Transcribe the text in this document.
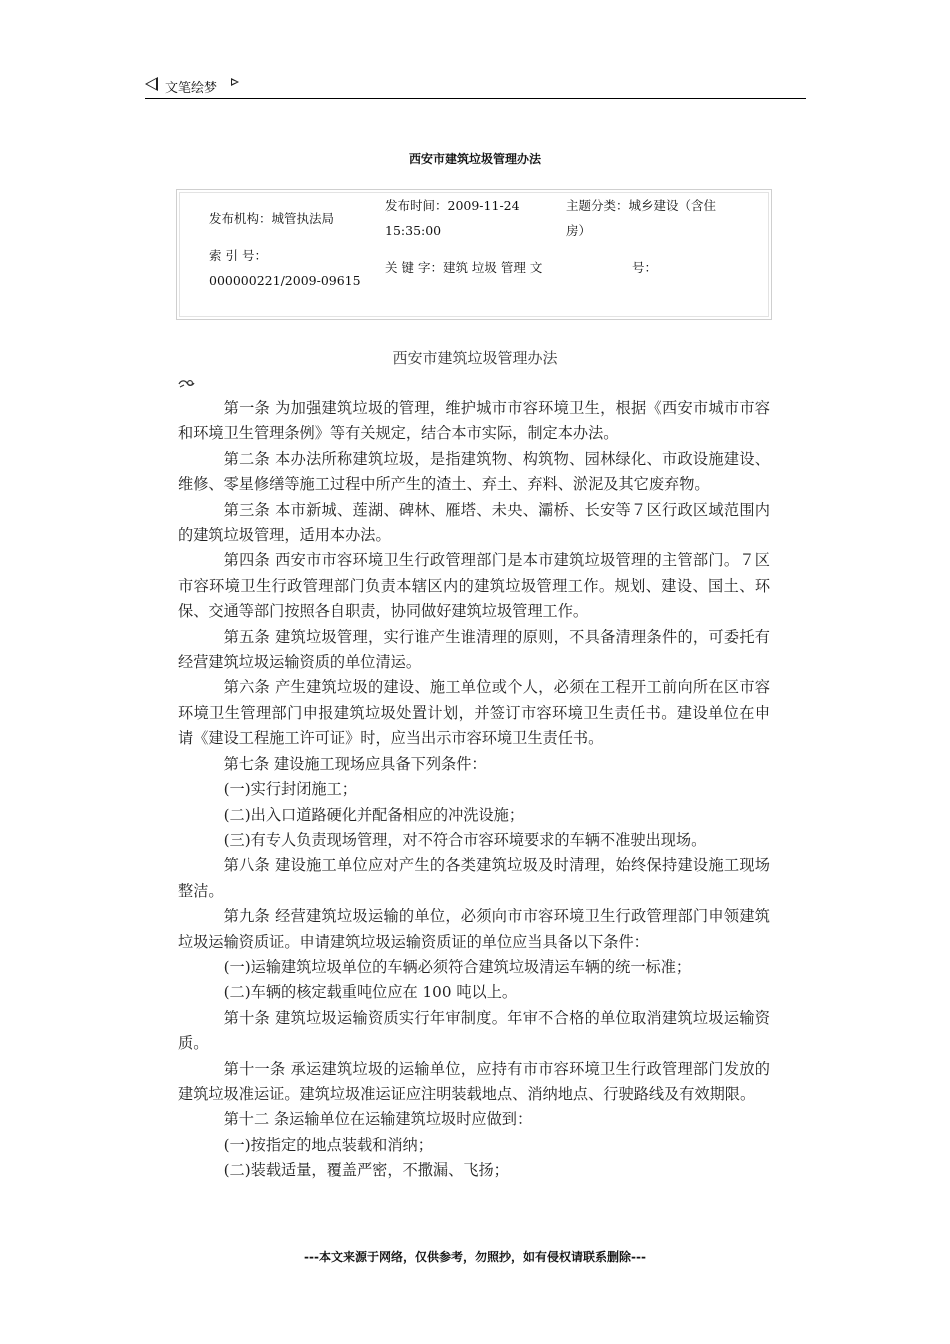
文笔绘梦
西安市建筑垃圾管理办法
发布机构：城管执法局
索 引 号：
000000221/2009-09615
发布时间：2009-11-24
15:35:00
主题分类：城乡建设（含住
房）
关 键 字：建筑 垃圾 管理 文	号：
西安市建筑垃圾管理办法

第一条 为加强建筑垃圾的管理，维护城市市容环境卫生，根据《西安市城市市容和环境卫生管理条例》等有关规定，结合本市实际，制定本办法。

第二条 本办法所称建筑垃圾，是指建筑物、构筑物、园林绿化、市政设施建设、维修、零星修缮等施工过程中所产生的渣土、弃土、弃料、淤泥及其它废弃物。

第三条 本市新城、莲湖、碑林、雁塔、未央、灞桥、长安等７区行政区域范围内的建筑垃圾管理，适用本办法。

第四条 西安市市容环境卫生行政管理部门是本市建筑垃圾管理的主管部门。７区市容环境卫生行政管理部门负责本辖区内的建筑垃圾管理工作。规划、建设、国土、环保、交通等部门按照各自职责，协同做好建筑垃圾管理工作。

第五条 建筑垃圾管理，实行谁产生谁清理的原则，不具备清理条件的，可委托有经营建筑垃圾运输资质的单位清运。

第六条 产生建筑垃圾的建设、施工单位或个人，必须在工程开工前向所在区市容环境卫生管理部门申报建筑垃圾处置计划，并签订市容环境卫生责任书。建设单位在申请《建设工程施工许可证》时，应当出示市容环境卫生责任书。

第七条 建设施工现场应具备下列条件：

(一)实行封闭施工；

(二)出入口道路硬化并配备相应的冲洗设施；

(三)有专人负责现场管理，对不符合市容环境要求的车辆不准驶出现场。

第八条 建设施工单位应对产生的各类建筑垃圾及时清理，始终保持建设施工现场整洁。

第九条 经营建筑垃圾运输的单位，必须向市市容环境卫生行政管理部门申领建筑垃圾运输资质证。申请建筑垃圾运输资质证的单位应当具备以下条件：

(一)运输建筑垃圾单位的车辆必须符合建筑垃圾清运车辆的统一标准；

(二)车辆的核定载重吨位应在 100 吨以上。

第十条 建筑垃圾运输资质实行年审制度。年审不合格的单位取消建筑垃圾运输资质。

第十一条 承运建筑垃圾的运输单位，应持有市市容环境卫生行政管理部门发放的建筑垃圾准运证。建筑垃圾准运证应注明装载地点、消纳地点、行驶路线及有效期限。

第十二 条运输单位在运输建筑垃圾时应做到：

(一)按指定的地点装载和消纳；

(二)装载适量，覆盖严密，不撒漏、飞扬；

---本文来源于网络，仅供参考，勿照抄，如有侵权请联系删除---
